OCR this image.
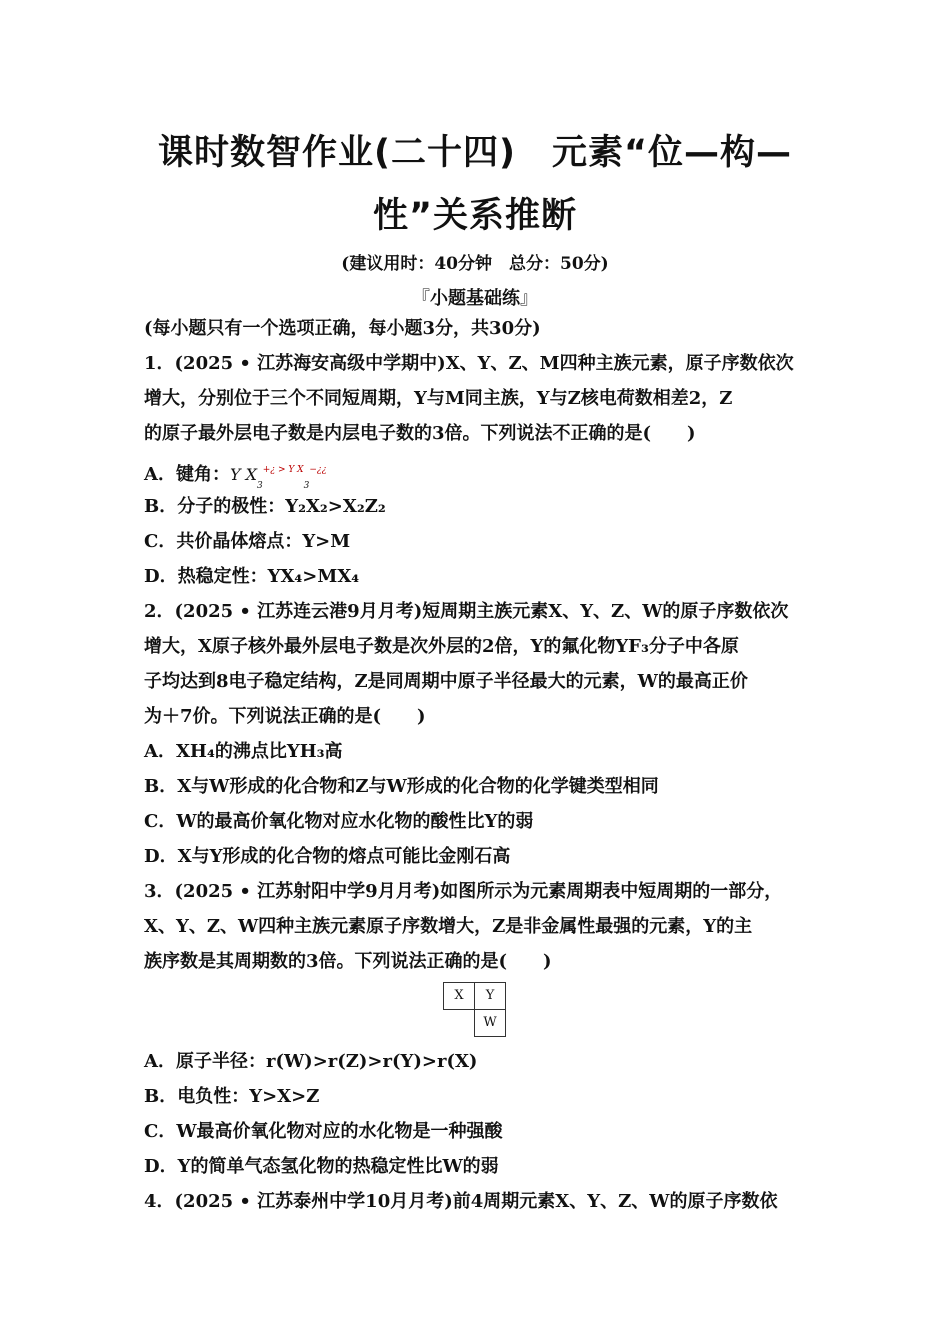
课时数智作业(二十四)　元素“位—构—
性”关系推断
(建议用时：40分钟　总分：50分)
『小题基础练』
(每小题只有一个选项正确，每小题3分，共30分)
1．(2025 • 江苏海安高级中学期中)X、Y、Z、M四种主族元素，原子序数依次
增大，分别位于三个不同短周期，Y与M同主族，Y与Z核电荷数相差2，Z
的原子最外层电子数是内层电子数的3倍。下列说法不正确的是(　　)
A．键角：Y $X_3^{+¿ > Y X}_3^{-¿¿}$
B．分子的极性：Y₂X₂>X₂Z₂
C．共价晶体熔点：Y>M
D．热稳定性：YX₄>MX₄
2．(2025 • 江苏连云港9月月考)短周期主族元素X、Y、Z、W的原子序数依次
增大，X原子核外最外层电子数是次外层的2倍，Y的氟化物YF₃分子中各原
子均达到8电子稳定结构，Z是同周期中原子半径最大的元素，W的最高正价
为＋7价。下列说法正确的是(　　)
A．XH₄的沸点比YH₃高
B．X与W形成的化合物和Z与W形成的化合物的化学键类型相同
C．W的最高价氧化物对应水化物的酸性比Y的弱
D．X与Y形成的化合物的熔点可能比金刚石高
3．(2025 • 江苏射阳中学9月月考)如图所示为元素周期表中短周期的一部分，
X、Y、Z、W四种主族元素原子序数增大，Z是非金属性最强的元素，Y的主
族序数是其周期数的3倍。下列说法正确的是(　　)
X	Y
W
A．原子半径：r(W)>r(Z)>r(Y)>r(X)
B．电负性：Y>X>Z
C．W最高价氧化物对应的水化物是一种强酸
D．Y的简单气态氢化物的热稳定性比W的弱
4．(2025 • 江苏泰州中学10月月考)前4周期元素X、Y、Z、W的原子序数依
